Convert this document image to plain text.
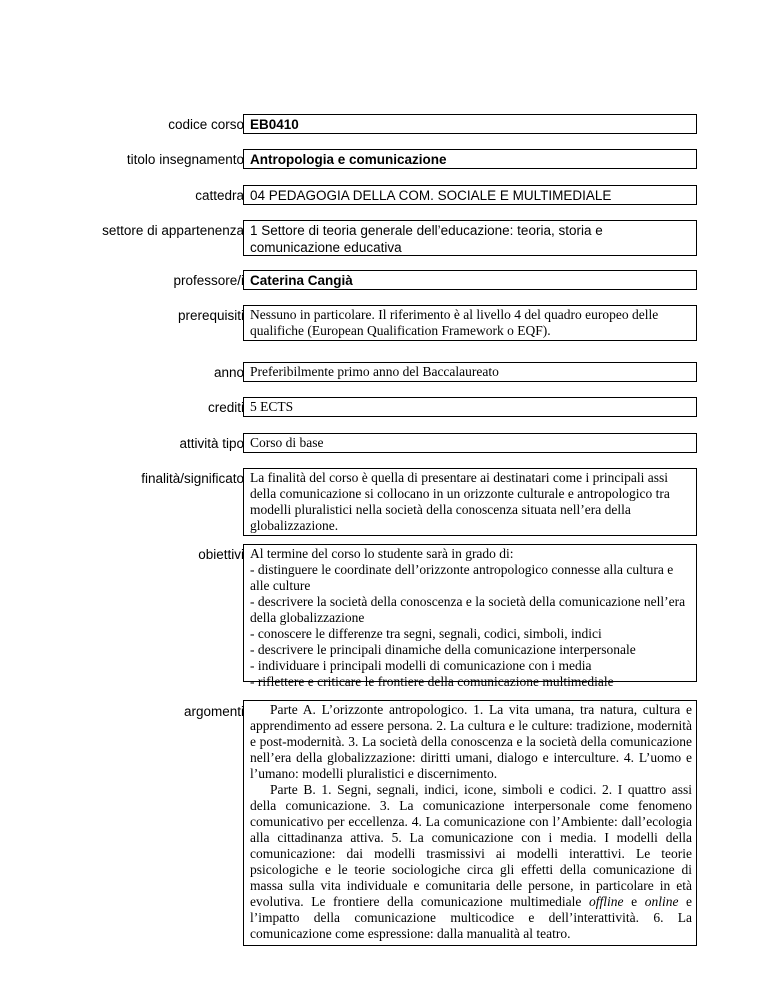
codice corso EB0410
titolo insegnamento Antropologia e comunicazione
cattedra 04 PEDAGOGIA DELLA COM. SOCIALE E MULTIMEDIALE
settore di appartenenza 1 Settore di teoria generale dell’educazione: teoria, storia e comunicazione educativa
professore/i Caterina Cangià
prerequisiti Nessuno in particolare. Il riferimento è al livello 4 del quadro europeo delle qualifiche (European Qualification Framework o EQF).
anno Preferibilmente primo anno del Baccalaureato
crediti 5 ECTS
attività tipo Corso di base
finalità/significato La finalità del corso è quella di presentare ai destinatari come i principali assi della comunicazione si collocano in un orizzonte culturale e antropologico tra modelli pluralistici nella società della conoscenza situata nell’era della globalizzazione.
obiettivi Al termine del corso lo studente sarà in grado di:
- distinguere le coordinate dell’orizzonte antropologico connesse alla cultura e alle culture
- descrivere la società della conoscenza e la società della comunicazione nell’era della globalizzazione
- conoscere le differenze tra segni, segnali, codici, simboli, indici
- descrivere le principali dinamiche della comunicazione interpersonale
- individuare i principali modelli di comunicazione con i media
- riflettere e criticare le frontiere della comunicazione multimediale
argomenti	Parte A. L’orizzonte antropologico. 1. La vita umana, tra natura, cultura e apprendimento ad essere persona. 2. La cultura e le culture: tradizione, modernità e post-modernità. 3. La società della conoscenza e la società della comunicazione nell’era della globalizzazione: diritti umani, dialogo e interculture. 4. L’uomo e l’umano: modelli pluralistici e discernimento.

Parte B. 1. Segni, segnali, indici, icone, simboli e codici. 2. I quattro assi della comunicazione. 3. La comunicazione interpersonale come fenomeno comunicativo per eccellenza. 4. La comunicazione con l’Ambiente: dall’ecologia alla cittadinanza attiva. 5. La comunicazione con i media. I modelli della comunicazione: dai modelli trasmissivi ai modelli interattivi. Le teorie psicologiche e le teorie sociologiche circa gli effetti della comunicazione di massa sulla vita individuale e comunitaria delle persone, in particolare in età evolutiva. Le frontiere della comunicazione multimediale offline e online e l’impatto della comunicazione multicodice e dell’interattività. 6. La comunicazione come espressione: dalla manualità al teatro.
